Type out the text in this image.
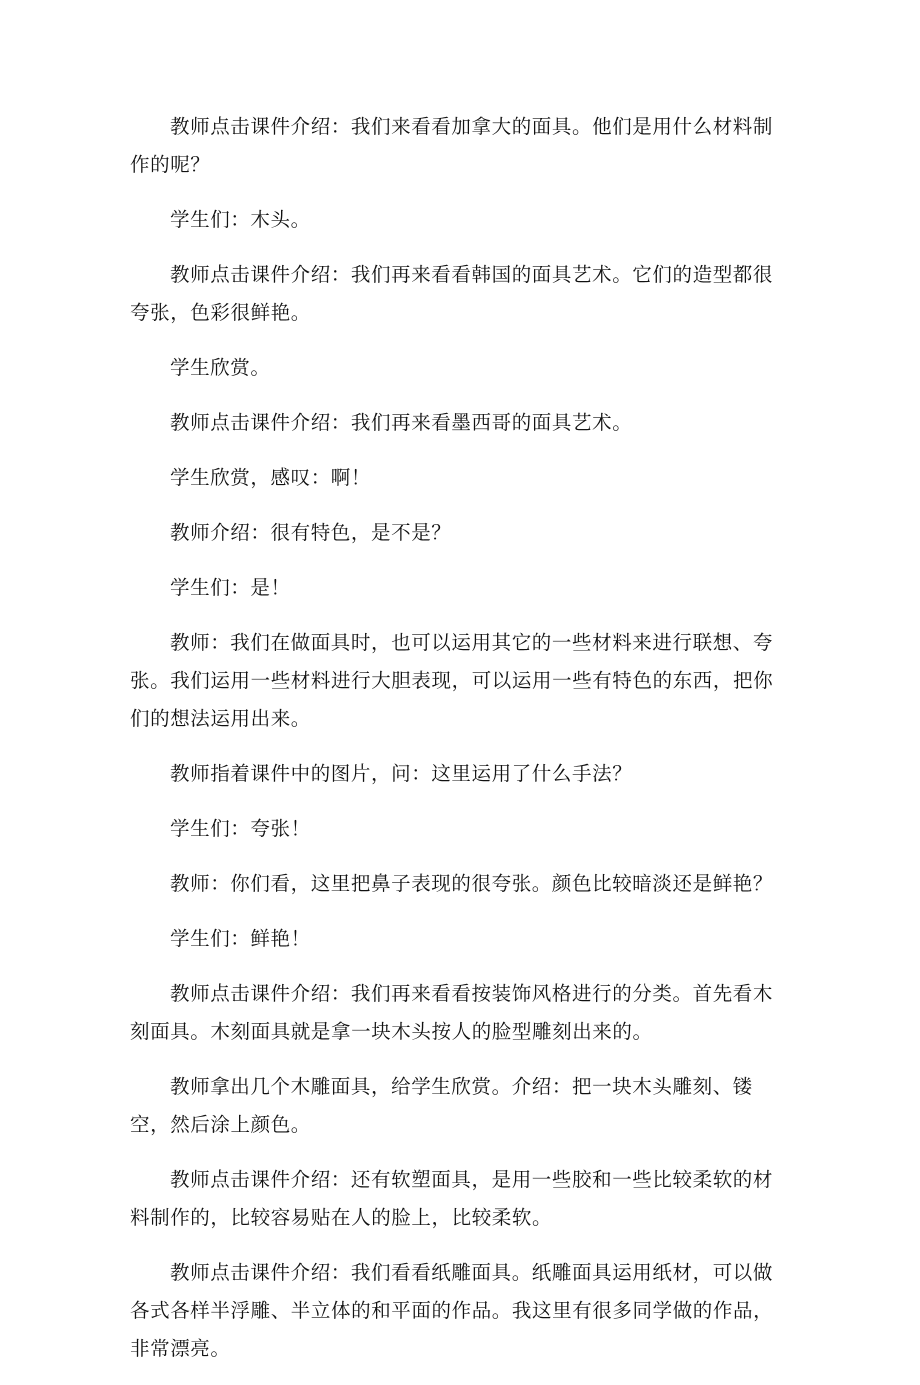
教师点击课件介绍：我们来看看加拿大的面具。他们是用什么材料制作的呢？

学生们：木头。

教师点击课件介绍：我们再来看看韩国的面具艺术。它们的造型都很夸张，色彩很鲜艳。

学生欣赏。

教师点击课件介绍：我们再来看墨西哥的面具艺术。

学生欣赏，感叹：啊！

教师介绍：很有特色，是不是？

学生们：是！

教师：我们在做面具时，也可以运用其它的一些材料来进行联想、夸张。我们运用一些材料进行大胆表现，可以运用一些有特色的东西，把你们的想法运用出来。

教师指着课件中的图片，问：这里运用了什么手法？

学生们：夸张！

教师：你们看，这里把鼻子表现的很夸张。颜色比较暗淡还是鲜艳？

学生们：鲜艳！

教师点击课件介绍：我们再来看看按装饰风格进行的分类。首先看木刻面具。木刻面具就是拿一块木头按人的脸型雕刻出来的。

教师拿出几个木雕面具，给学生欣赏。介绍：把一块木头雕刻、镂空，然后涂上颜色。

教师点击课件介绍：还有软塑面具，是用一些胶和一些比较柔软的材料制作的，比较容易贴在人的脸上，比较柔软。

教师点击课件介绍：我们看看纸雕面具。纸雕面具运用纸材，可以做各式各样半浮雕、半立体的和平面的作品。我这里有很多同学做的作品，非常漂亮。
